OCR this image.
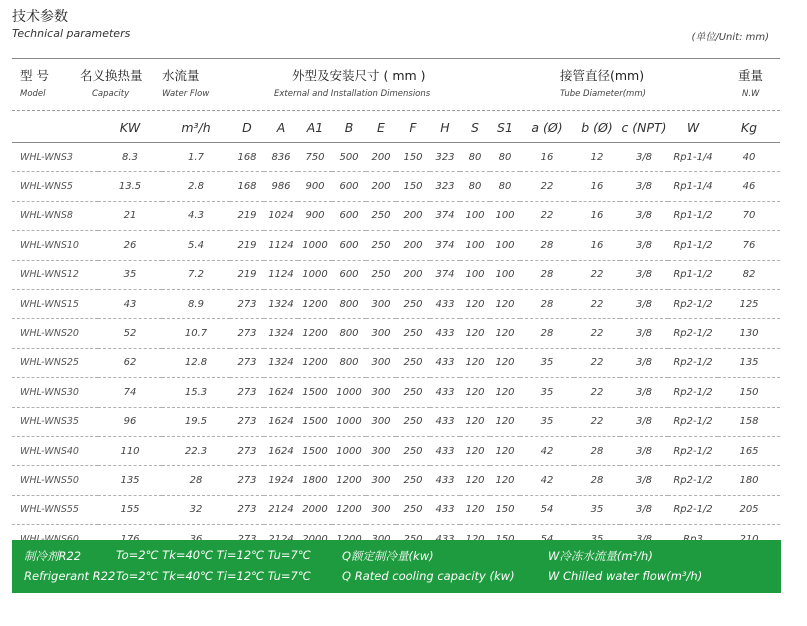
技术参数
Technical parameters	(单位/Unit: mm)
型 号
Model
名义换热量
Capacity
水流量
Water Flow
外型及安装尺寸 ( mm )
External and Installation Dimensions
接管直径(mm)
Tube Diameter(mm)
重量
N.W
	KW	m³/h	D	A	A1	B	E	F	H	S	S1	a (Ø)	b (Ø)	c (NPT)	W	Kg
WHL-WNS3	8.3	1.7	168	836	750	500	200	150	323	80	80	16	12	3/8	Rp1-1/4	40
WHL-WNS5	13.5	2.8	168	986	900	600	200	150	323	80	80	22	16	3/8	Rp1-1/4	46
WHL-WNS8	21	4.3	219	1024	900	600	250	200	374	100	100	22	16	3/8	Rp1-1/2	70
WHL-WNS10	26	5.4	219	1124	1000	600	250	200	374	100	100	28	16	3/8	Rp1-1/2	76
WHL-WNS12	35	7.2	219	1124	1000	600	250	200	374	100	100	28	22	3/8	Rp1-1/2	82
WHL-WNS15	43	8.9	273	1324	1200	800	300	250	433	120	120	28	22	3/8	Rp2-1/2	125
WHL-WNS20	52	10.7	273	1324	1200	800	300	250	433	120	120	28	22	3/8	Rp2-1/2	130
WHL-WNS25	62	12.8	273	1324	1200	800	300	250	433	120	120	35	22	3/8	Rp2-1/2	135
WHL-WNS30	74	15.3	273	1624	1500	1000	300	250	433	120	120	35	22	3/8	Rp2-1/2	150
WHL-WNS35	96	19.5	273	1624	1500	1000	300	250	433	120	120	35	22	3/8	Rp2-1/2	158
WHL-WNS40	110	22.3	273	1624	1500	1000	300	250	433	120	120	42	28	3/8	Rp2-1/2	165
WHL-WNS50	135	28	273	1924	1800	1200	300	250	433	120	120	42	28	3/8	Rp2-1/2	180
WHL-WNS55	155	32	273	2124	2000	1200	300	250	433	120	150	54	35	3/8	Rp2-1/2	205

制冷剂R22	To=2℃ Tk=40℃ Ti=12℃ Tu=7℃	Q额定制冷量(kw)	W冷冻水流量(m³/h)
Refrigerant R22 To=2℃ Tk=40℃ Ti=12℃ Tu=7℃	Q Rated cooling capacity (kw)	W Chilled water flow(m³/h)
